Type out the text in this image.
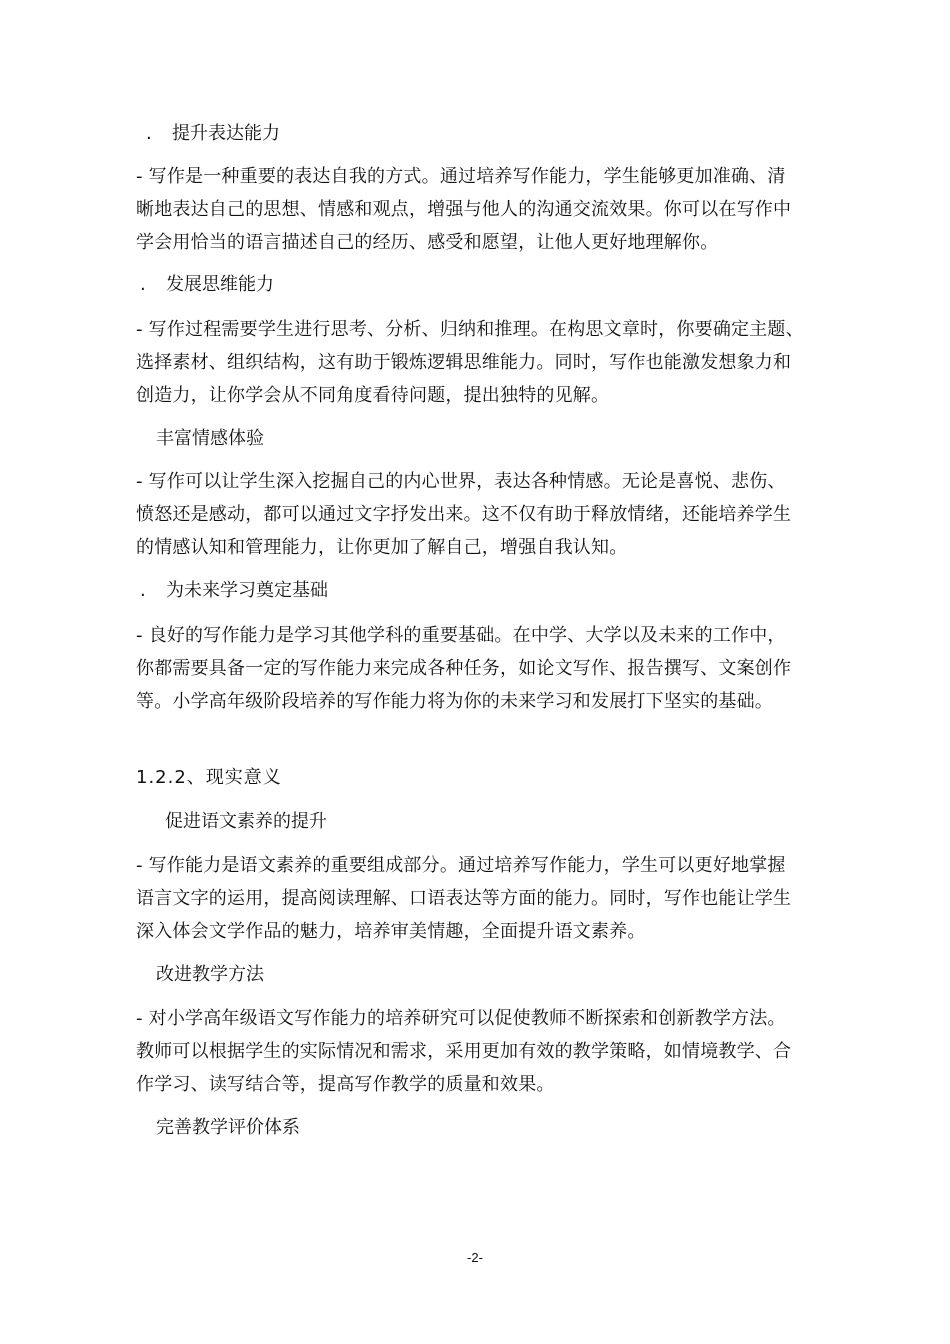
. 提升表达能力
- 写作是一种重要的表达自我的方式。通过培养写作能力，学生能够更加准确、清
晰地表达自己的思想、情感和观点，增强与他人的沟通交流效果。你可以在写作中
学会用恰当的语言描述自己的经历、感受和愿望，让他人更好地理解你。
. 发展思维能力
- 写作过程需要学生进行思考、分析、归纳和推理。在构思文章时，你要确定主题、
选择素材、组织结构，这有助于锻炼逻辑思维能力。同时，写作也能激发想象力和
创造力，让你学会从不同角度看待问题，提出独特的见解。
丰富情感体验
- 写作可以让学生深入挖掘自己的内心世界，表达各种情感。无论是喜悦、悲伤、
愤怒还是感动，都可以通过文字抒发出来。这不仅有助于释放情绪，还能培养学生
的情感认知和管理能力，让你更加了解自己，增强自我认知。
. 为未来学习奠定基础
- 良好的写作能力是学习其他学科的重要基础。在中学、大学以及未来的工作中，
你都需要具备一定的写作能力来完成各种任务，如论文写作、报告撰写、文案创作
等。小学高年级阶段培养的写作能力将为你的未来学习和发展打下坚实的基础。
1.2.2、现实意义
促进语文素养的提升
- 写作能力是语文素养的重要组成部分。通过培养写作能力，学生可以更好地掌握
语言文字的运用，提高阅读理解、口语表达等方面的能力。同时，写作也能让学生
深入体会文学作品的魅力，培养审美情趣，全面提升语文素养。
改进教学方法
- 对小学高年级语文写作能力的培养研究可以促使教师不断探索和创新教学方法。
教师可以根据学生的实际情况和需求，采用更加有效的教学策略，如情境教学、合
作学习、读写结合等，提高写作教学的质量和效果。
完善教学评价体系
-2-
